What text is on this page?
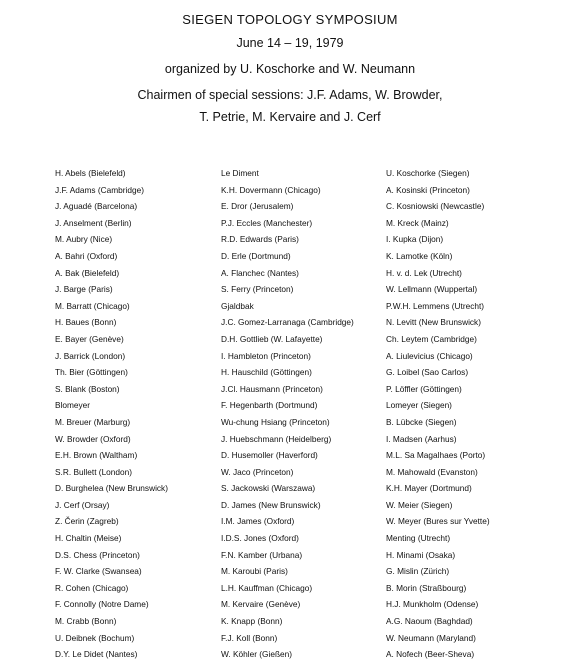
SIEGEN TOPOLOGY SYMPOSIUM
June 14 – 19, 1979
organized by U. Koschorke and W. Neumann
Chairmen of special sessions: J.F. Adams, W. Browder,
T. Petrie, M. Kervaire and J. Cerf
H. Abels (Bielefeld)
J.F. Adams (Cambridge)
J. Aguadé (Barcelona)
J. Anselment (Berlin)
M. Aubry (Nice)
A. Bahri (Oxford)
A. Bak (Bielefeld)
J. Barge (Paris)
M. Barratt (Chicago)
H. Baues (Bonn)
E. Bayer (Genève)
J. Barrick (London)
Th. Bier (Göttingen)
S. Blank (Boston)
Blomeyer
M. Breuer (Marburg)
W. Browder (Oxford)
E.H. Brown (Waltham)
S.R. Bullett (London)
D. Burghelea (New Brunswick)
J. Cerf (Orsay)
Z. Čerin (Zagreb)
H. Chaltin (Meise)
D.S. Chess (Princeton)
F. W. Clarke (Swansea)
R. Cohen (Chicago)
F. Connolly (Notre Dame)
M. Crabb (Bonn)
U. Deibnek (Bochum)
D.Y. Le Didet (Nantes)
Le Diment
K.H. Dovermann (Chicago)
E. Dror (Jerusalem)
P.J. Eccles (Manchester)
R.D. Edwards (Paris)
D. Erle (Dortmund)
A. Flanchec (Nantes)
S. Ferry (Princeton)
Gjaldbak
J.C. Gomez-Larranaga (Cambridge)
D.H. Gottlieb (W. Lafayette)
I. Hambleton (Princeton)
H. Hauschild (Göttingen)
J.Cl. Hausmann (Princeton)
F. Hegenbarth (Dortmund)
Wu-chung Hsiang (Princeton)
J. Huebschmann (Heidelberg)
D. Husemoller (Haverford)
W. Jaco (Princeton)
S. Jackowski (Warszawa)
D. James (New Brunswick)
I.M. James (Oxford)
I.D.S. Jones (Oxford)
F.N. Kamber (Urbana)
M. Karoubi (Paris)
L.H. Kauffman (Chicago)
M. Kervaire (Genève)
K. Knapp (Bonn)
F.J. Koll (Bonn)
W. Köhler (Gießen)
U. Koschorke (Siegen)
A. Kosinski (Princeton)
C. Kosniowski (Newcastle)
M. Kreck (Mainz)
I. Kupka (Dijon)
K. Lamotke (Köln)
H. v. d. Lek (Utrecht)
W. Lellmann (Wuppertal)
P.W.H. Lemmens (Utrecht)
N. Levitt (New Brunswick)
Ch. Leytem (Cambridge)
A. Liulevicius (Chicago)
G. Loibel (Sao Carlos)
P. Löffler (Göttingen)
Lomeyer (Siegen)
B. Lübcke (Siegen)
I. Madsen (Aarhus)
M.L. Sa Magalhaes (Porto)
M. Mahowald (Evanston)
K.H. Mayer (Dortmund)
W. Meier (Siegen)
W. Meyer (Bures sur Yvette)
Menting (Utrecht)
H. Minami (Osaka)
G. Mislin (Zürich)
B. Morin (Straßbourg)
H.J. Munkholm (Odense)
A.G. Naoum (Baghdad)
W. Neumann (Maryland)
A. Nofech (Beer-Sheva)
